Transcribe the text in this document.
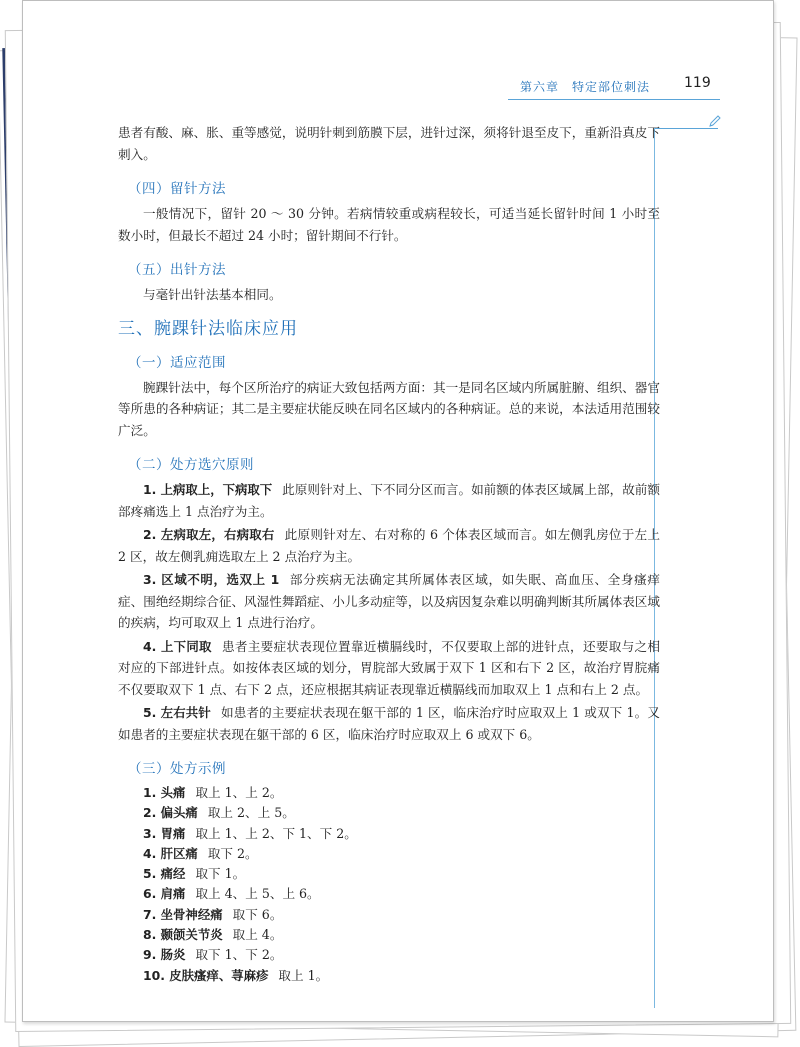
第六章　特定部位刺法 119

患者有酸、麻、胀、重等感觉，说明针刺到筋膜下层，进针过深，须将针退至皮下，重新沿真皮下刺入。

（四）留针方法

一般情况下，留针 20 ～ 30 分钟。若病情较重或病程较长，可适当延长留针时间 1 小时至数小时，但最长不超过 24 小时；留针期间不行针。

（五）出针方法

与毫针出针法基本相同。

三、腕踝针法临床应用
（一）适应范围

腕踝针法中，每个区所治疗的病证大致包括两方面：其一是同名区域内所属脏腑、组织、器官等所患的各种病证；其二是主要症状能反映在同名区域内的各种病证。总的来说，本法适用范围较广泛。

（二）处方选穴原则

1. 上病取上，下病取下 此原则针对上、下不同分区而言。如前额的体表区域属上部，故前额部疼痛选上 1 点治疗为主。

2. 左病取左，右病取右 此原则针对左、右对称的 6 个体表区域而言。如左侧乳房位于左上 2 区，故左侧乳痈选取左上 2 点治疗为主。

3. 区域不明，选双上 1 部分疾病无法确定其所属体表区域，如失眠、高血压、全身瘙痒症、围绝经期综合征、风湿性舞蹈症、小儿多动症等，以及病因复杂难以明确判断其所属体表区域的疾病，均可取双上 1 点进行治疗。

4. 上下同取 患者主要症状表现位置靠近横膈线时，不仅要取上部的进针点，还要取与之相对应的下部进针点。如按体表区域的划分，胃脘部大致属于双下 1 区和右下 2 区，故治疗胃脘痛不仅要取双下 1 点、右下 2 点，还应根据其病证表现靠近横膈线而加取双上 1 点和右上 2 点。

5. 左右共针 如患者的主要症状表现在躯干部的 1 区，临床治疗时应取双上 1 或双下 1。又如患者的主要症状表现在躯干部的 6 区，临床治疗时应取双上 6 或双下 6。

（三）处方示例

1. 头痛 取上 1、上 2。

2. 偏头痛 取上 2、上 5。

3. 胃痛 取上 1、上 2、下 1、下 2。

4. 肝区痛 取下 2。

5. 痛经 取下 1。

6. 肩痛 取上 4、上 5、上 6。

7. 坐骨神经痛 取下 6。

8. 颞颌关节炎 取上 4。

9. 肠炎 取下 1、下 2。

10. 皮肤瘙痒、荨麻疹 取上 1。
